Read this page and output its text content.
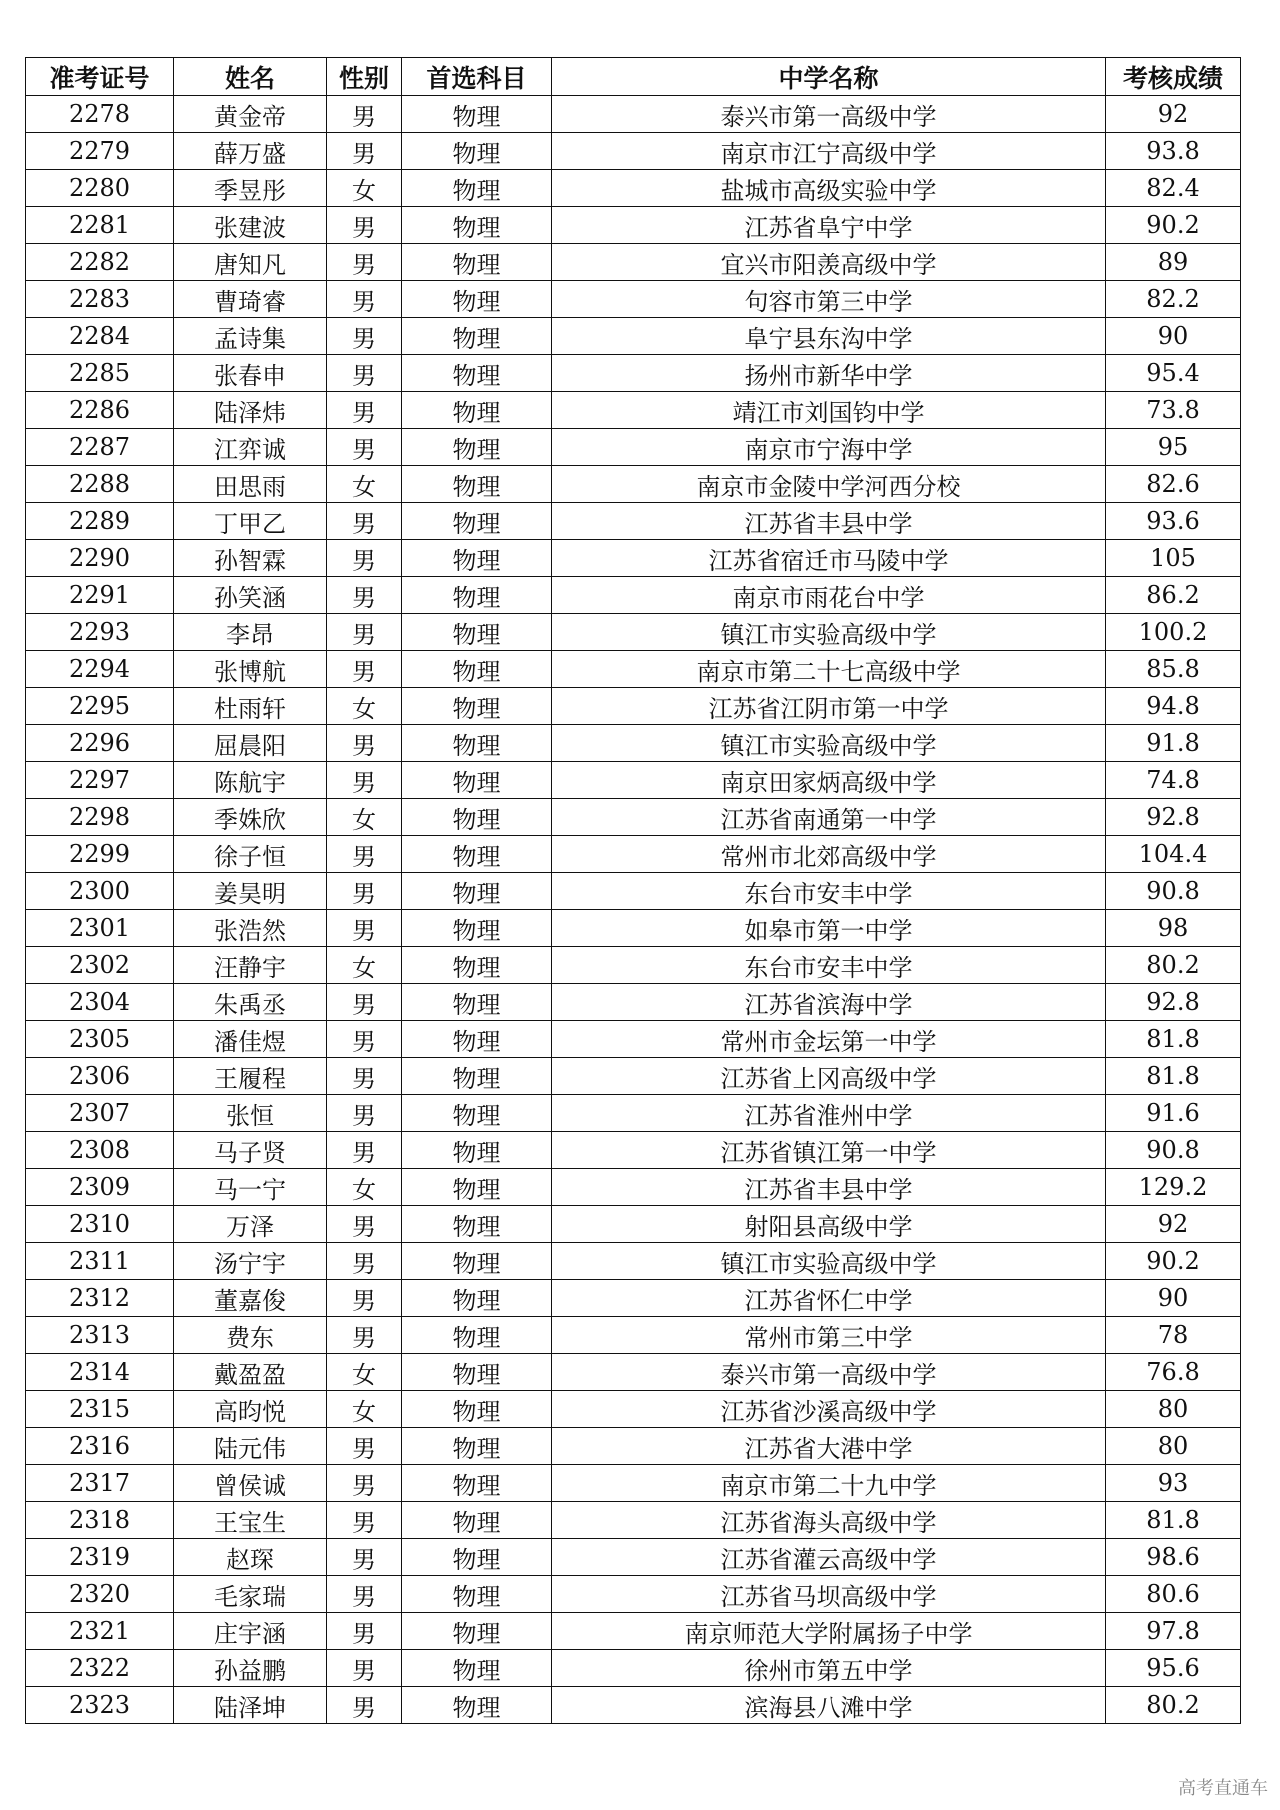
准考证号	姓名	性别	首选科目	中学名称	考核成绩
2278	黄金帝	男	物理	泰兴市第一高级中学	92
2279	薛万盛	男	物理	南京市江宁高级中学	93.8
2280	季昱彤	女	物理	盐城市高级实验中学	82.4
2281	张建波	男	物理	江苏省阜宁中学	90.2
2282	唐知凡	男	物理	宜兴市阳羡高级中学	89
2283	曹琦睿	男	物理	句容市第三中学	82.2
2284	孟诗集	男	物理	阜宁县东沟中学	90
2285	张春申	男	物理	扬州市新华中学	95.4
2286	陆泽炜	男	物理	靖江市刘国钧中学	73.8
2287	江弈诚	男	物理	南京市宁海中学	95
2288	田思雨	女	物理	南京市金陵中学河西分校	82.6
2289	丁甲乙	男	物理	江苏省丰县中学	93.6
2290	孙智霖	男	物理	江苏省宿迁市马陵中学	105
2291	孙笑涵	男	物理	南京市雨花台中学	86.2
2293	李昂	男	物理	镇江市实验高级中学	100.2
2294	张博航	男	物理	南京市第二十七高级中学	85.8
2295	杜雨轩	女	物理	江苏省江阴市第一中学	94.8
2296	屈晨阳	男	物理	镇江市实验高级中学	91.8
2297	陈航宇	男	物理	南京田家炳高级中学	74.8
2298	季姝欣	女	物理	江苏省南通第一中学	92.8
2299	徐子恒	男	物理	常州市北郊高级中学	104.4
2300	姜昊明	男	物理	东台市安丰中学	90.8
2301	张浩然	男	物理	如皋市第一中学	98
2302	汪静宇	女	物理	东台市安丰中学	80.2
2304	朱禹丞	男	物理	江苏省滨海中学	92.8
2305	潘佳煜	男	物理	常州市金坛第一中学	81.8
2306	王履程	男	物理	江苏省上冈高级中学	81.8
2307	张恒	男	物理	江苏省淮州中学	91.6
2308	马子贤	男	物理	江苏省镇江第一中学	90.8
2309	马一宁	女	物理	江苏省丰县中学	129.2
2310	万泽	男	物理	射阳县高级中学	92
2311	汤宁宇	男	物理	镇江市实验高级中学	90.2
2312	董嘉俊	男	物理	江苏省怀仁中学	90
2313	费东	男	物理	常州市第三中学	78
2314	戴盈盈	女	物理	泰兴市第一高级中学	76.8
2315	高昀悦	女	物理	江苏省沙溪高级中学	80
2316	陆元伟	男	物理	江苏省大港中学	80
2317	曾侯诚	男	物理	南京市第二十九中学	93
2318	王宝生	男	物理	江苏省海头高级中学	81.8
2319	赵琛	男	物理	江苏省灌云高级中学	98.6
2320	毛家瑞	男	物理	江苏省马坝高级中学	80.6
2321	庄宇涵	男	物理	南京师范大学附属扬子中学	97.8
2322	孙益鹏	男	物理	徐州市第五中学	95.6
2323	陆泽坤	男	物理	滨海县八滩中学	80.2
高考直通车
